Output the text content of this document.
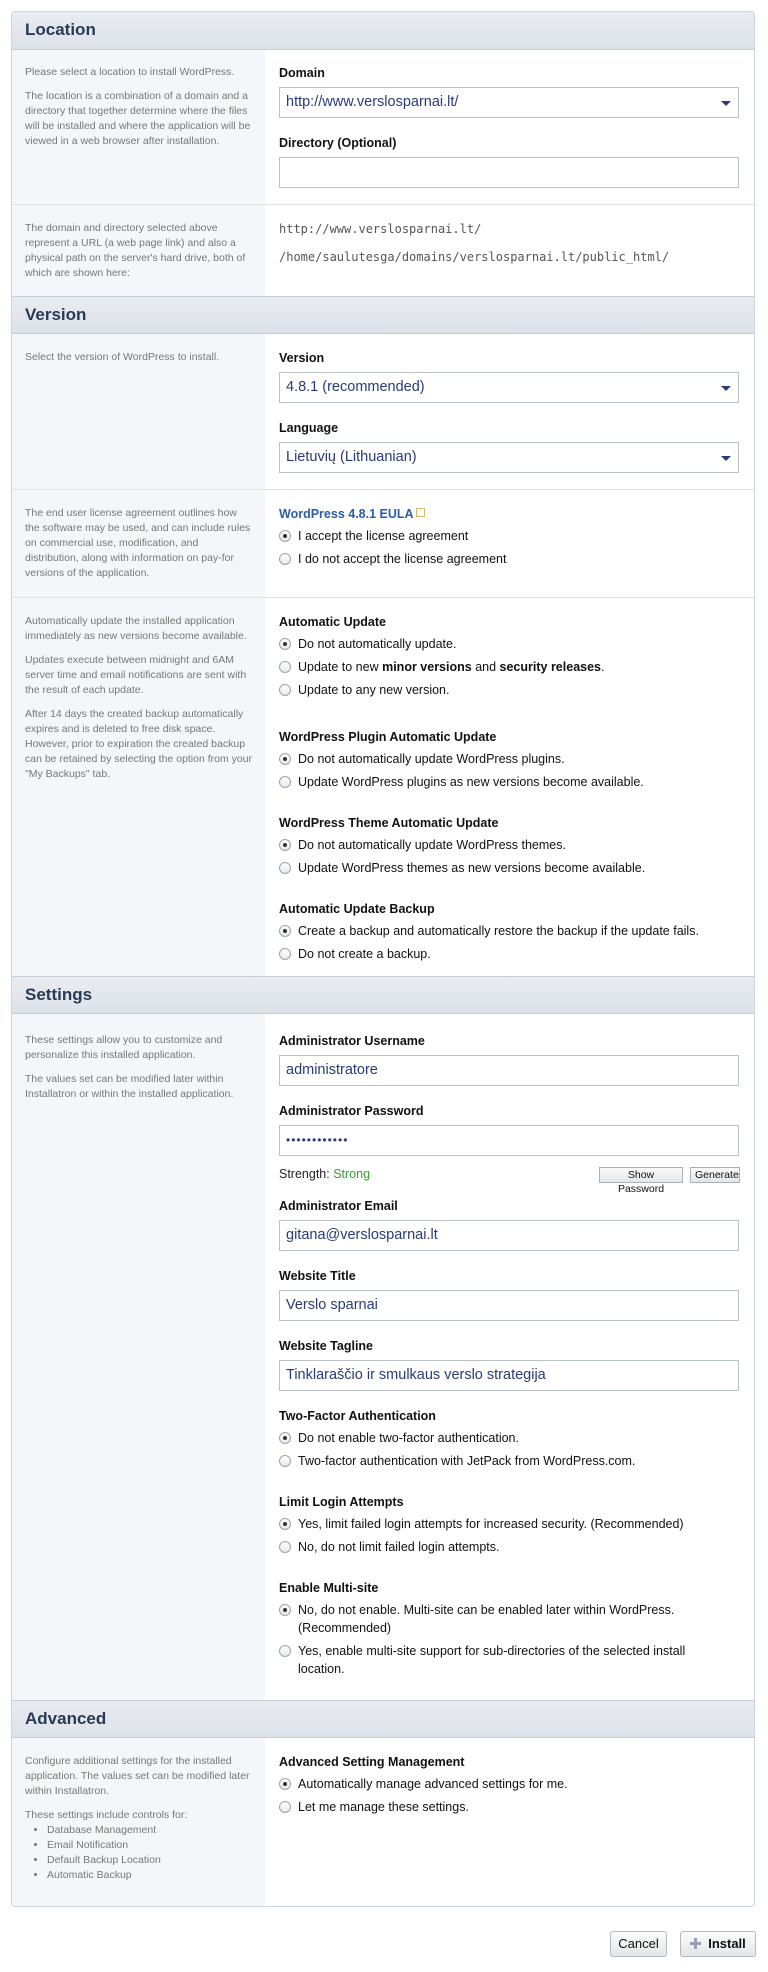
Location

Please select a location to install WordPress.

The location is a combination of a domain and a directory that together determine where the files will be installed and where the application will be viewed in a web browser after installation.

Domain
http://www.verslosparnai.lt/
Directory (Optional)

The domain and directory selected above represent a URL (a web page link) and also a physical path on the server's hard drive, both of which are shown here:

http://www.verslosparnai.lt/
/home/saulutesga/domains/verslosparnai.lt/public_html/
Version

Select the version of WordPress to install.	Version
4.8.1 (recommended)
Language
Lietuvių (Lithuanian)

The end user license agreement outlines how the software may be used, and can include rules on commercial use, modification, and distribution, along with information on pay-for versions of the application.

WordPress 4.8.1 EULA
I accept the license agreement
I do not accept the license agreement

Automatically update the installed application immediately as new versions become available.

Updates execute between midnight and 6AM server time and email notifications are sent with the result of each update.

After 14 days the created backup automatically expires and is deleted to free disk space. However, prior to expiration the created backup can be retained by selecting the option from your "My Backups" tab.

Automatic Update
Do not automatically update.
Update to new minor versions and security releases.
Update to any new version.
WordPress Plugin Automatic Update
Do not automatically update WordPress plugins.
Update WordPress plugins as new versions become available.
WordPress Theme Automatic Update
Do not automatically update WordPress themes.
Update WordPress themes as new versions become available.
Automatic Update Backup
Create a backup and automatically restore the backup if the update fails.
Do not create a backup.
Settings

These settings allow you to customize and personalize this installed application.

The values set can be modified later within Installatron or within the installed application.

Administrator Username
administratore
Administrator Password
••••••••••••
Strength: Strong	Show Password
Generate
Administrator Email
gitana@verslosparnai.lt
Website Title
Verslo sparnai
Website Tagline
Tinklaraščio ir smulkaus verslo strategija
Two-Factor Authentication
Do not enable two-factor authentication.
Two-factor authentication with JetPack from WordPress.com.
Limit Login Attempts
Yes, limit failed login attempts for increased security. (Recommended)
No, do not limit failed login attempts.
Enable Multi-site
No, do not enable. Multi-site can be enabled later within WordPress.
(Recommended)
Yes, enable multi-site support for sub-directories of the selected install
location.
Advanced

Configure additional settings for the installed application. The values set can be modified later within Installatron.

These settings include controls for:

• Database Management
• Email Notification
• Default Backup Location
• Automatic Backup
Advanced Setting Management
Automatically manage advanced settings for me.
Let me manage these settings.
Cancel	Install
